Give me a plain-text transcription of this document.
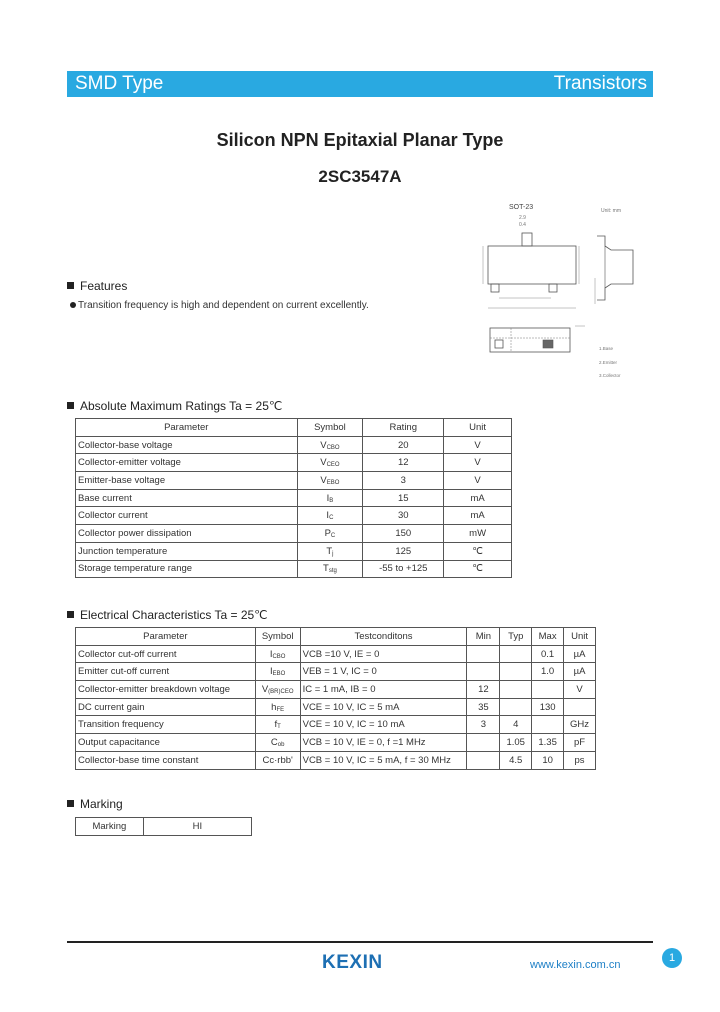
SMD Type	Transistors
Silicon NPN Epitaxial Planar Type
2SC3547A
SOT-23	Unit: mm
2.9
0.4
1.Base
2.Emitter
3.Collector
Features
Transition frequency is high and dependent on current excellently.
Absolute Maximum Ratings Ta = 25℃
Parameter	Symbol	Rating	Unit
Collector-base voltage	$V_{CBO}$	20	V
Collector-emitter voltage	$V_{CEO}$	12	V
Emitter-base voltage	$V_{EBO}$	3	V
Base current	$I_B$	15	mA
Collector current	$I_C$	30	mA
Collector power dissipation	$P_C$	150	mW
Junction temperature	$T_j$	125	℃
Storage temperature range	$T_{stg}$	-55 to +125	℃
Electrical Characteristics Ta = 25℃
Parameter	Symbol	Testconditons	Min	Typ	Max	Unit
Collector cut-off current	$I_{CBO}$	VCB =10 V, IE = 0			0.1	µA
Emitter cut-off current	$I_{EBO}$	VEB = 1 V, IC = 0			1.0	µA
Collector-emitter breakdown voltage	$V_{(BR)CEO}$	IC = 1 mA, IB = 0	12			V
DC current gain	$h_{FE}$	VCE = 10 V, IC = 5 mA	35		130	
Transition frequency	$f_T$	VCE = 10 V, IC = 10 mA	3	4		GHz
Output capacitance	$C_{ob}$	VCB = 10 V, IE = 0, f =1 MHz		1.05	1.35	pF
Collector-base time constant	Cc·rbb'	VCB = 10 V, IC = 5 mA, f = 30 MHz		4.5	10	ps
Marking
Marking	HI
KEXIN	www.kexin.com.cn
1
